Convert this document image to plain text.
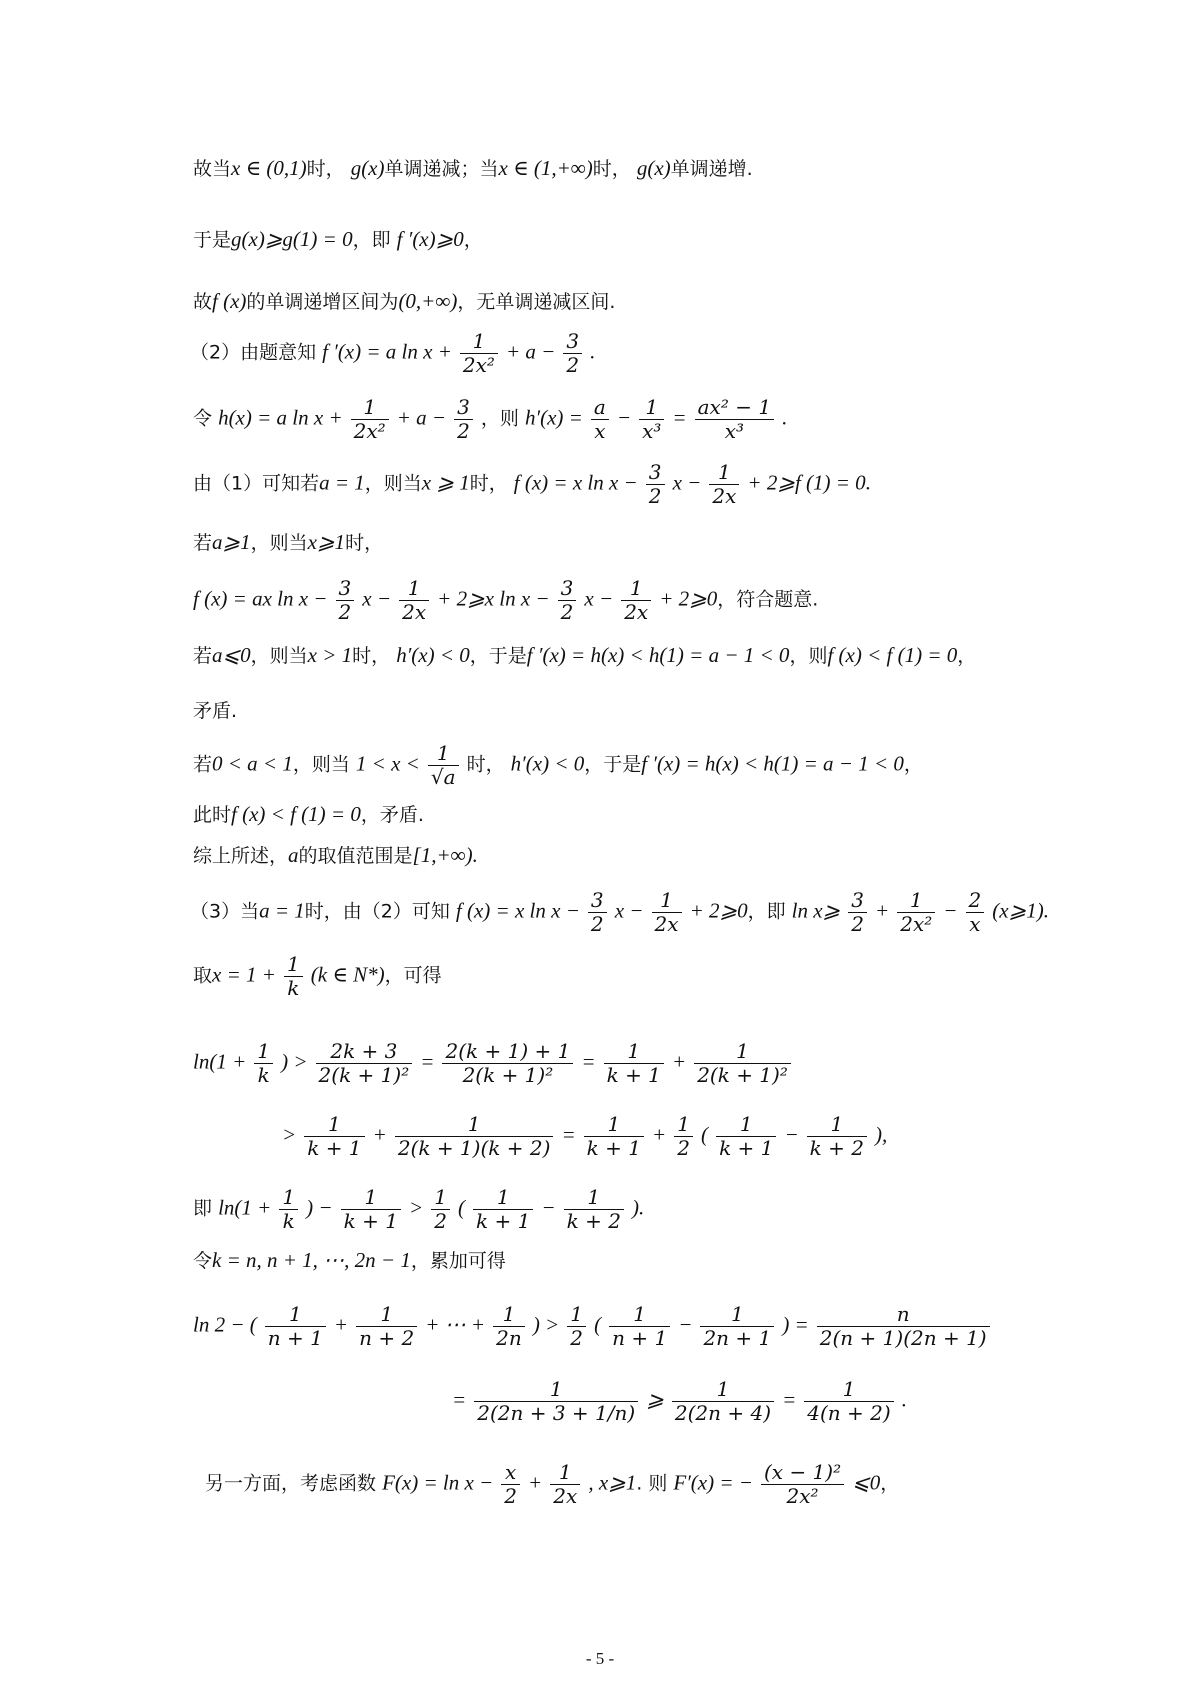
故当x ∈ (0,1)时， g(x)单调递减；当x ∈ (1,+∞)时， g(x)单调递增.
于是g(x)⩾g(1) = 0，即 f ′(x)⩾0，
故f (x)的单调递增区间为(0,+∞)，无单调递减区间.
（2）由题意知 f ′(x) = a $\ln x + \frac{1}{\text{2x²}} + a - \frac{3}{2}$ .
令 h(x) = a $\ln x + \frac{1}{\text{2x²}} + a - \frac{3}{2}$ ，则 $h'(x) = \frac{a}{x} - \frac{1}{\text{x³}} = \frac{\text{ax² − 1}}{\text{x³}}$ .
由（1）可知若a = 1，则当x ⩾ 1时， f (x) = x $\ln x - \frac{3}{2}$ $x - \frac{1}{2x}$ + 2⩾f (1) = 0.
若a⩾1，则当x⩾1时，
f (x) = ax $\ln x - \frac{3}{2}$ $x - \frac{1}{2x}$ + 2⩾x $\ln x - \frac{3}{2}$ $x - \frac{1}{2x}$ + 2⩾0，符合题意.
若a⩽0，则当x > 1时， h′(x) < 0，于是f ′(x) = h(x) < h(1) = a − 1 < 0，则f (x) < f (1) = 0，
矛盾.
若0 < a < 1，则当 $1 < x < \frac{1}{√a}$ 时， h′(x) < 0，于是f ′(x) = h(x) < h(1) = a − 1 < 0，
此时f (x) < f (1) = 0，矛盾.
综上所述，a的取值范围是[1,+∞).
（3）当a = 1时，由（2）可知 f (x) = x $\ln x - \frac{3}{2}$ $x - \frac{1}{2x}$ + 2⩾0，即 ln x⩾ $\frac{3}{2} + \frac{1}{\text{2x²}} - \frac{2}{x}$ (x⩾1).
取$x = 1 + \frac{1}{k} (k$ ∈ N*)，可得
$\ln(1 + \frac{1}{k}$ ) > $\frac{2k + 3}{\text{2(k + 1)²}} = \frac{2(k + 1) + 1}{\text{2(k + 1)²}} = \frac{1}{k + 1} + \frac{1}{\text{2(k + 1)²}}$
> $\frac{1}{k + 1} + \frac{1}{2(k + 1)(k + 2)} = \frac{1}{k + 1} + \frac{1}{2}$ ( $\frac{1}{k + 1} - \frac{1}{k + 2}$ ),
即 $\ln(1 + \frac{1}{k}$ ) − $\frac{1}{k + 1} > \frac{1}{2}$ ( $\frac{1}{k + 1} - \frac{1}{k + 2}$ ).
令k = n, n + 1, ⋯, 2n − 1，累加可得
ln 2 − ( $\frac{1}{n + 1} + \frac{1}{n + 2}$ + ⋯ + $\frac{1}{2n}$ ) > $\frac{1}{2}$ ( $\frac{1}{n + 1} - \frac{1}{2n + 1}$ ) = $\frac{n}{2(n + 1)(2n + 1)}$
= $\frac{1}{2(2n + 3 + 1/n)}$ ⩾ $\frac{1}{2(2n + 4)} = \frac{1}{4(n + 2)}$ .
另一方面，考虑函数 $F(x) = \ln x - \frac{x}{2} + \frac{1}{2x}$ , x⩾1. 则 F′(x) = − $\frac{\text{(x − 1)²}}{\text{2x²}}$ ⩽0，
- 5 -
